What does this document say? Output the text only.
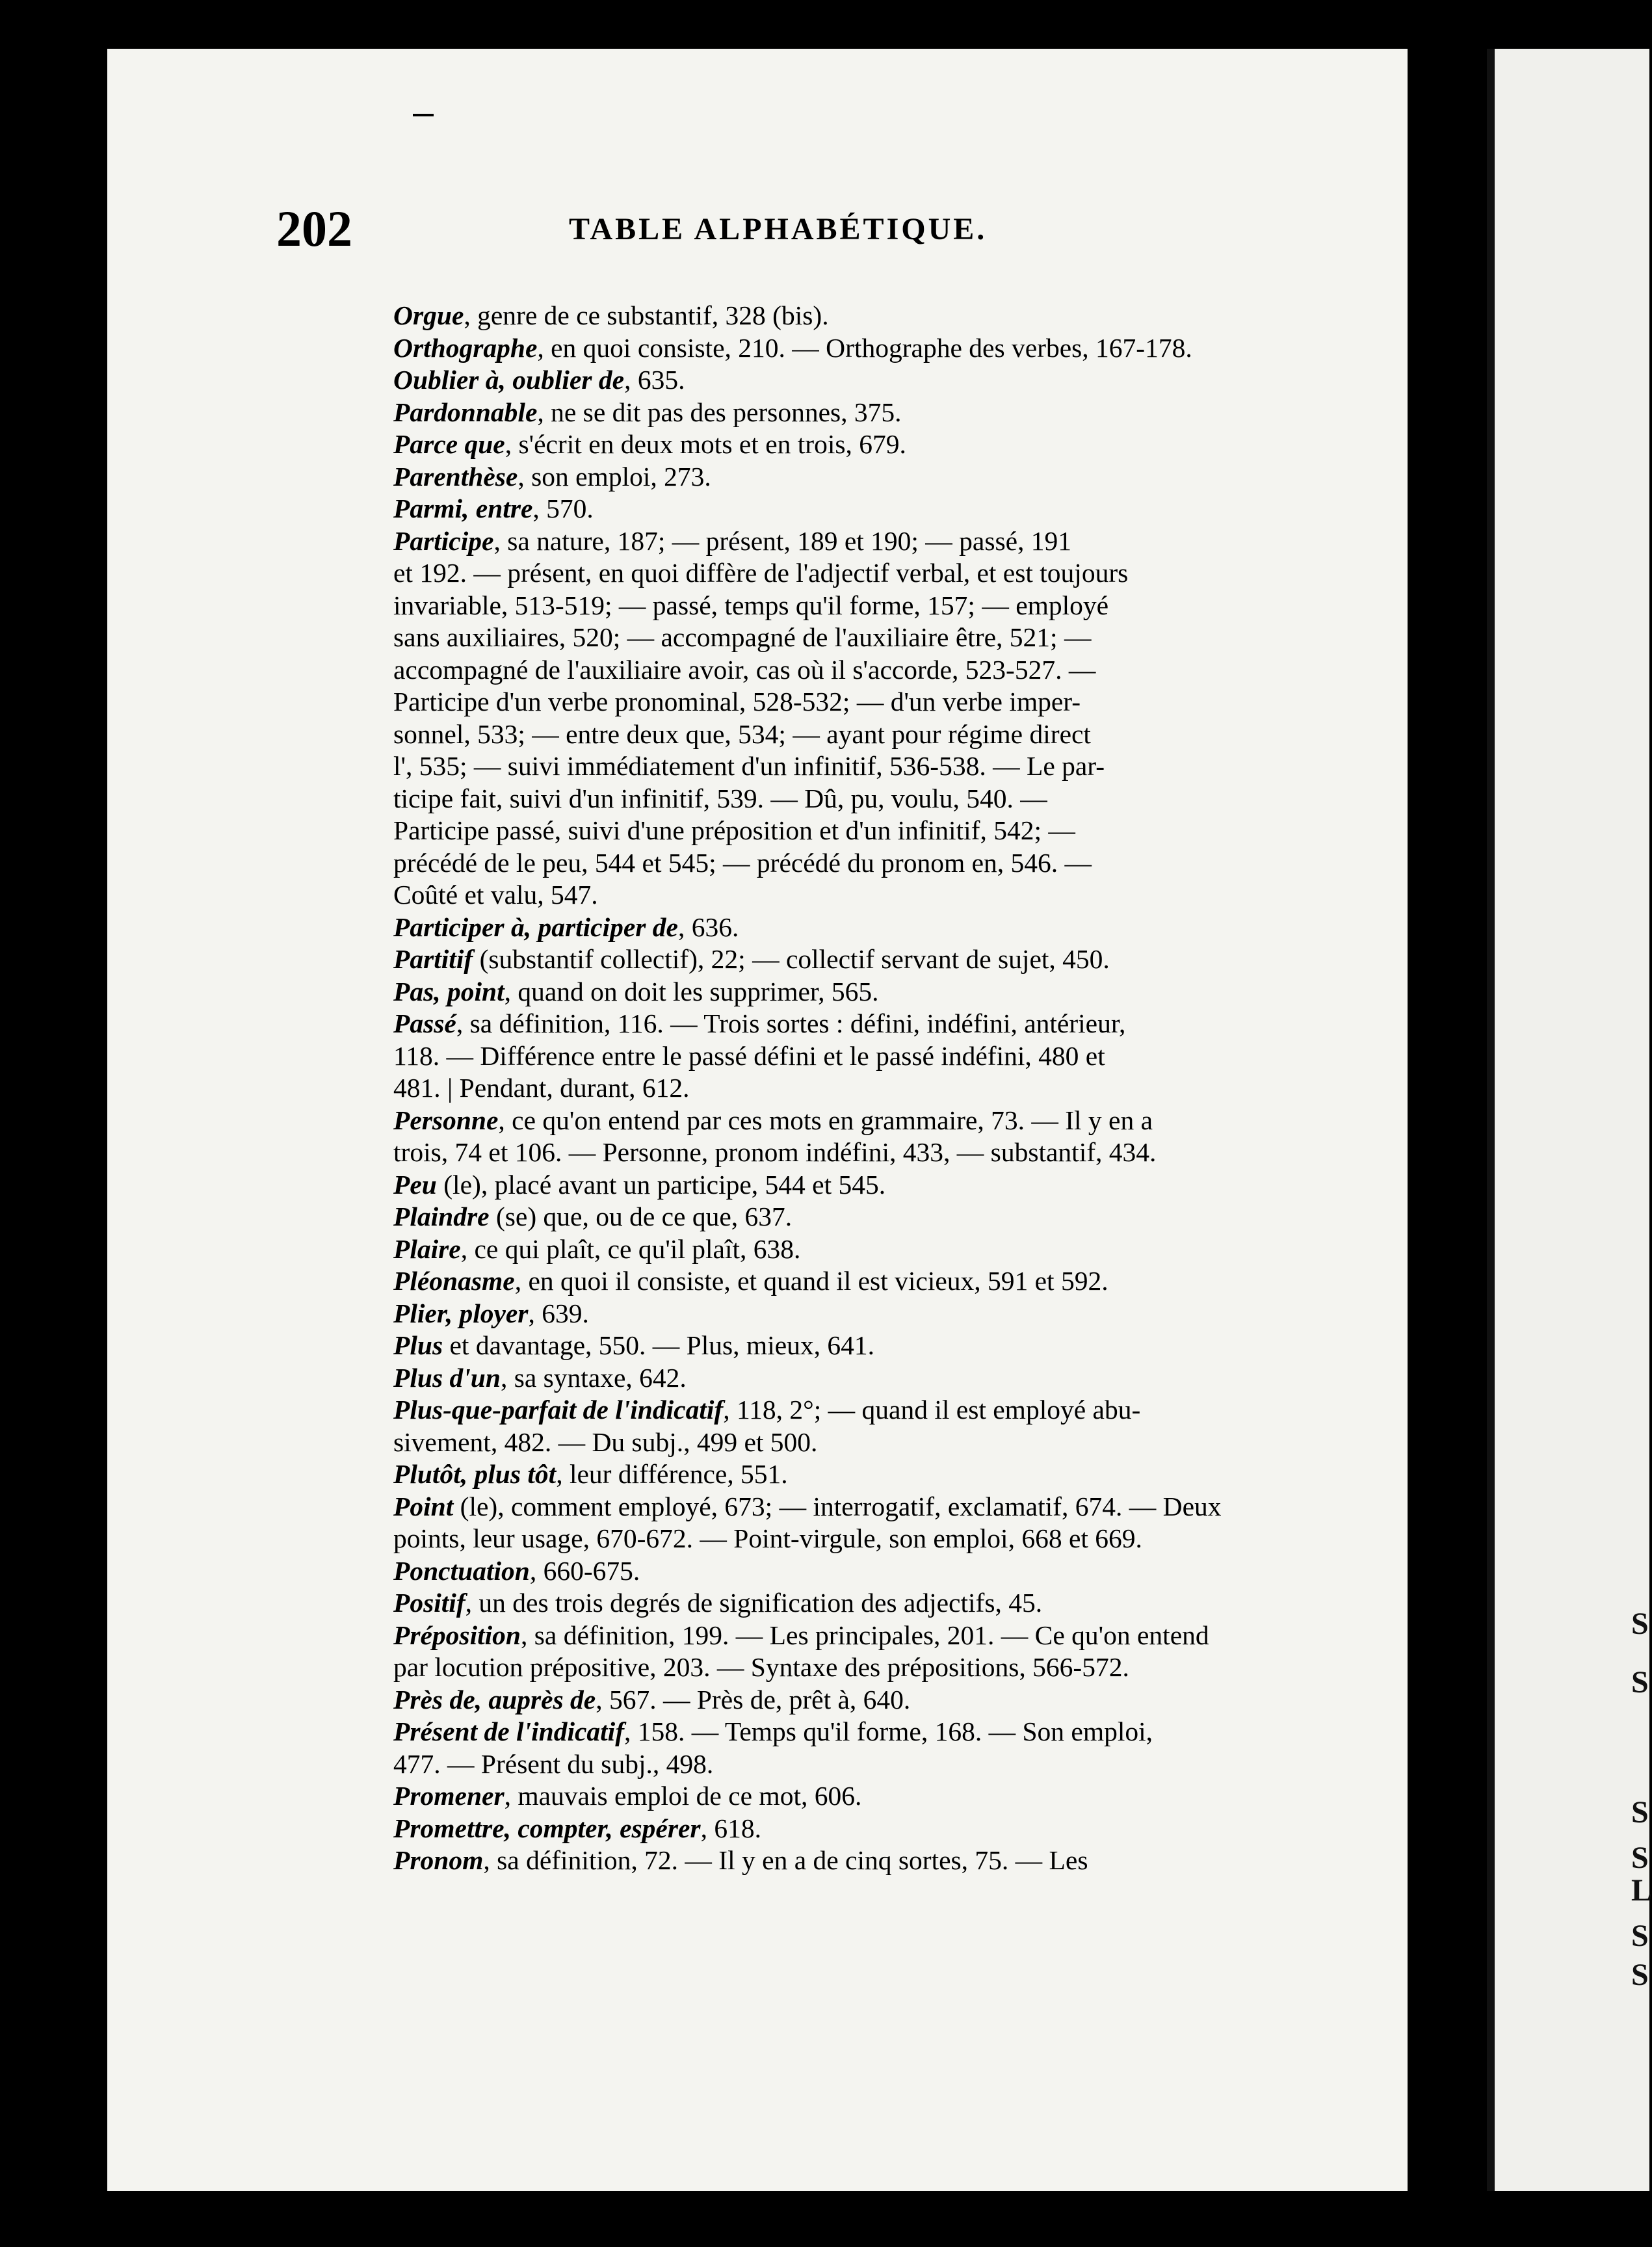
202	TABLE ALPHABÉTIQUE.

Orgue, genre de ce substantif, 328 (bis).

Orthographe, en quoi consiste, 210. — Orthographe des verbes, 167-178.

Oublier à, oublier de, 635.

Pardonnable, ne se dit pas des personnes, 375.

Parce que, s'écrit en deux mots et en trois, 679.

Parenthèse, son emploi, 273.

Parmi, entre, 570.

Participe, sa nature, 187; — présent, 189 et 190; — passé, 191
et 192. — présent, en quoi diffère de l'adjectif verbal, et est toujours
invariable, 513-519; — passé, temps qu'il forme, 157; — employé
sans auxiliaires, 520; — accompagné de l'auxiliaire être, 521; —
accompagné de l'auxiliaire avoir, cas où il s'accorde, 523-527. —
Participe d'un verbe pronominal, 528-532; — d'un verbe imper-
sonnel, 533; — entre deux que, 534; — ayant pour régime direct
l', 535; — suivi immédiatement d'un infinitif, 536-538. — Le par-
ticipe fait, suivi d'un infinitif, 539. — Dû, pu, voulu, 540. —
Participe passé, suivi d'une préposition et d'un infinitif, 542; —
précédé de le peu, 544 et 545; — précédé du pronom en, 546. —
Coûté et valu, 547.

Participer à, participer de, 636.

Partitif (substantif collectif), 22; — collectif servant de sujet, 450.

Pas, point, quand on doit les supprimer, 565.

Passé, sa définition, 116. — Trois sortes : défini, indéfini, antérieur,
118. — Différence entre le passé défini et le passé indéfini, 480 et
481. | Pendant, durant, 612.

Personne, ce qu'on entend par ces mots en grammaire, 73. — Il y en a
trois, 74 et 106. — Personne, pronom indéfini, 433, — substantif, 434.

Peu (le), placé avant un participe, 544 et 545.

Plaindre (se) que, ou de ce que, 637.

Plaire, ce qui plaît, ce qu'il plaît, 638.

Pléonasme, en quoi il consiste, et quand il est vicieux, 591 et 592.

Plier, ployer, 639.

Plus et davantage, 550. — Plus, mieux, 641.

Plus d'un, sa syntaxe, 642.

Plus-que-parfait de l'indicatif, 118, 2°; — quand il est employé abu-
sivement, 482. — Du subj., 499 et 500.

Plutôt, plus tôt, leur différence, 551.

Point (le), comment employé, 673; — interrogatif, exclamatif, 674. — Deux
points, leur usage, 670-672. — Point-virgule, son emploi, 668 et 669.

Ponctuation, 660-675.

Positif, un des trois degrés de signification des adjectifs, 45.

Préposition, sa définition, 199. — Les principales, 201. — Ce qu'on entend
par locution prépositive, 203. — Syntaxe des prépositions, 566-572.

Près de, auprès de, 567. — Près de, prêt à, 640.

Présent de l'indicatif, 158. — Temps qu'il forme, 168. — Son emploi,
477. — Présent du subj., 498.

Promener, mauvais emploi de ce mot, 606.

Promettre, compter, espérer, 618.

Pronom, sa définition, 72. — Il y en a de cinq sortes, 75. — Les

S
S
S
S
L
S
S
